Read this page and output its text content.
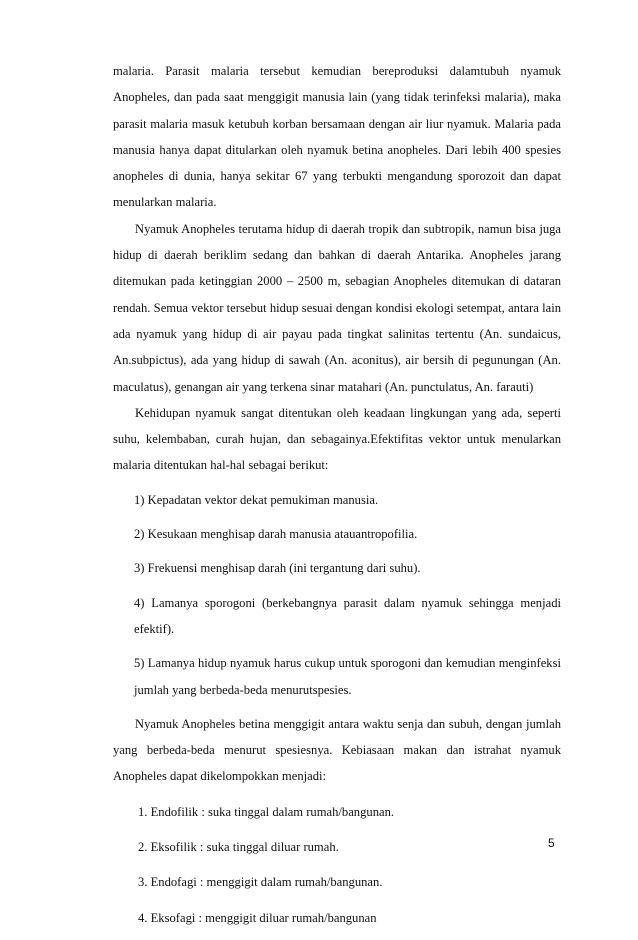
malaria. Parasit malaria tersebut kemudian bereproduksi dalamtubuh nyamuk Anopheles, dan pada saat menggigit manusia lain (yang tidak terinfeksi malaria), maka parasit malaria masuk ketubuh korban bersamaan dengan air liur nyamuk. Malaria pada manusia hanya dapat ditularkan oleh nyamuk betina anopheles. Dari lebih 400 spesies anopheles di dunia, hanya sekitar 67 yang terbukti mengandung sporozoit dan dapat menularkan malaria.

Nyamuk Anopheles terutama hidup di daerah tropik dan subtropik, namun bisa juga hidup di daerah beriklim sedang dan bahkan di daerah Antarika. Anopheles jarang ditemukan pada ketinggian 2000 – 2500 m, sebagian Anopheles ditemukan di dataran rendah. Semua vektor tersebut hidup sesuai dengan kondisi ekologi setempat, antara lain ada nyamuk yang hidup di air payau pada tingkat salinitas tertentu (An. sundaicus, An.subpictus), ada yang hidup di sawah (An. aconitus), air bersih di pegunungan (An. maculatus), genangan air yang terkena sinar matahari (An. punctulatus, An. farauti)

Kehidupan nyamuk sangat ditentukan oleh keadaan lingkungan yang ada, seperti suhu, kelembaban, curah hujan, dan sebagainya.Efektifitas vektor untuk menularkan malaria ditentukan hal-hal sebagai berikut:

1) Kepadatan vektor dekat pemukiman manusia.
2) Kesukaan menghisap darah manusia atauantropofilia.
3) Frekuensi menghisap darah (ini tergantung dari suhu).
4) Lamanya sporogoni (berkebangnya parasit dalam nyamuk sehingga menjadi efektif).
5) Lamanya hidup nyamuk harus cukup untuk sporogoni dan kemudian menginfeksi jumlah yang berbeda-beda menurutspesies.

Nyamuk Anopheles betina menggigit antara waktu senja dan subuh, dengan jumlah yang berbeda-beda menurut spesiesnya. Kebiasaan makan dan istrahat nyamuk Anopheles dapat dikelompokkan menjadi:

1. Endofilik : suka tinggal dalam rumah/bangunan.
2. Eksofilik : suka tinggal diluar rumah.
3. Endofagi : menggigit dalam rumah/bangunan.
4. Eksofagi : menggigit diluar rumah/bangunan
5
